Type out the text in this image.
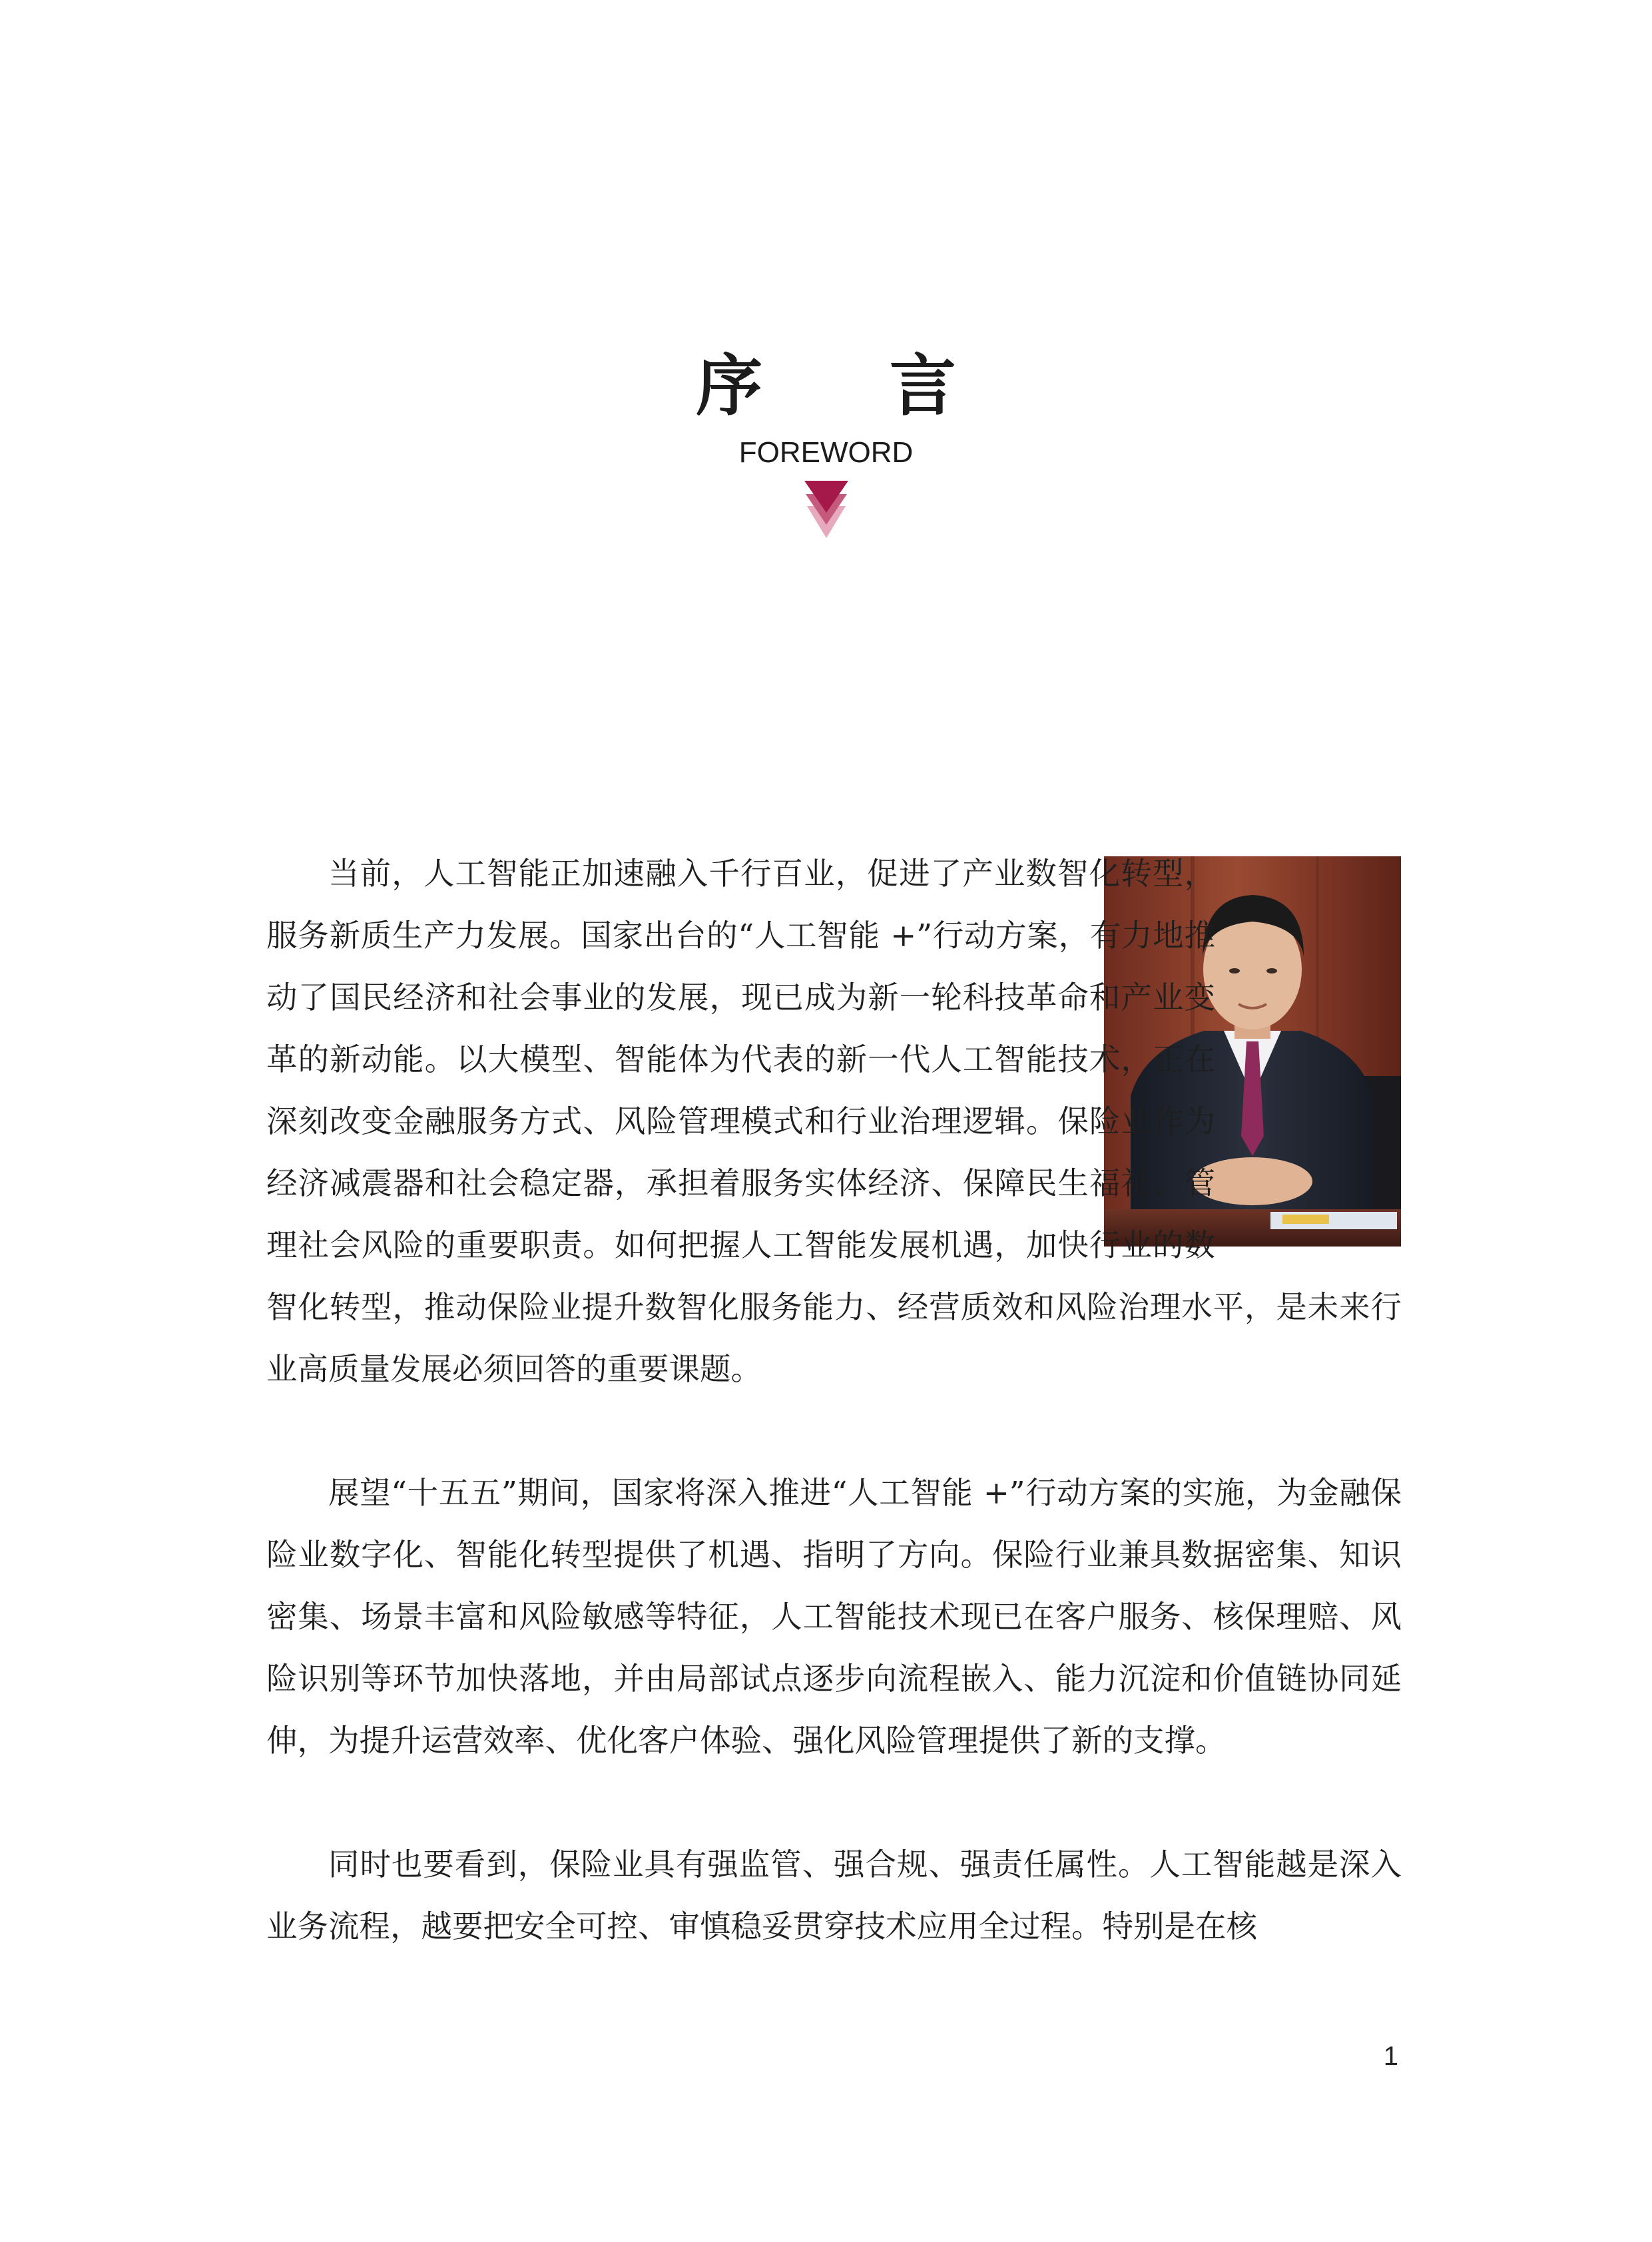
序 言
FOREWORD

当前，人工智能正加速融入千行百业，促进了产业数智化转型，服务新质生产力发展。国家出台的“人工智能 +”行动方案，有力地推动了国民经济和社会事业的发展，现已成为新一轮科技革命和产业变革的新动能。以大模型、智能体为代表的新一代人工智能技术，正在深刻改变金融服务方式、风险管理模式和行业治理逻辑。保险业作为经济减震器和社会稳定器，承担着服务实体经济、保障民生福祉、管理社会风险的重要职责。如何把握人工智能发展机遇，加快行业的数智化转型，推动保险业提升数智化服务能力、经营质效和风险治理水平，是未来行业高质量发展必须回答的重要课题。

展望“十五五”期间，国家将深入推进“人工智能 +”行动方案的实施，为金融保险业数字化、智能化转型提供了机遇、指明了方向。保险行业兼具数据密集、知识密集、场景丰富和风险敏感等特征，人工智能技术现已在客户服务、核保理赔、风险识别等环节加快落地，并由局部试点逐步向流程嵌入、能力沉淀和价值链协同延伸，为提升运营效率、优化客户体验、强化风险管理提供了新的支撑。

同时也要看到，保险业具有强监管、强合规、强责任属性。人工智能越是深入业务流程，越要把安全可控、审慎稳妥贯穿技术应用全过程。特别是在核

1
